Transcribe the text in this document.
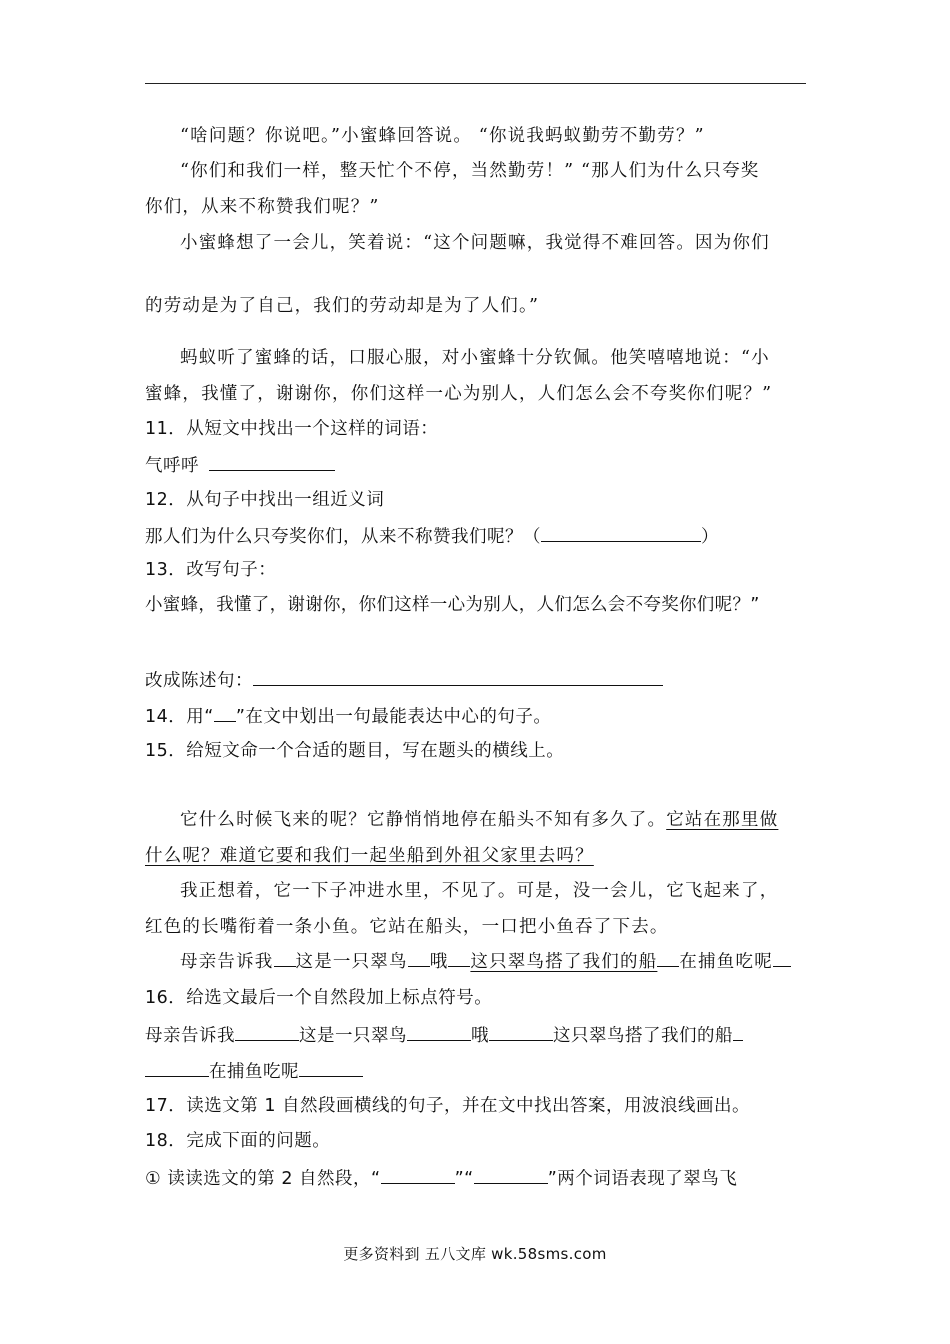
“啥问题？你说吧。”小蜜蜂回答说。 “你说我蚂蚁勤劳不勤劳？”
“你们和我们一样，整天忙个不停，当然勤劳！” “那人们为什么只夸奖
你们，从来不称赞我们呢？”
小蜜蜂想了一会儿，笑着说：“这个问题嘛，我觉得不难回答。因为你们
的劳动是为了自己，我们的劳动却是为了人们。”
蚂蚁听了蜜蜂的话，口服心服，对小蜜蜂十分钦佩。他笑嘻嘻地说：“小
蜜蜂，我懂了，谢谢你，你们这样一心为别人，人们怎么会不夸奖你们呢？”
11．从短文中找出一个这样的词语：
气呼呼
12．从句子中找出一组近义词
那人们为什么只夸奖你们，从来不称赞我们呢？（	）
13．改写句子：
小蜜蜂，我懂了，谢谢你，你们这样一心为别人，人们怎么会不夸奖你们呢？”
改成陈述句：
14．用“ ”在文中划出一句最能表达中心的句子。
15．给短文命一个合适的题目，写在题头的横线上。
它什么时候飞来的呢？它静悄悄地停在船头不知有多久了。它站在那里做
什么呢？难道它要和我们一起坐船到外祖父家里去吗？
我正想着，它一下子冲进水里，不见了。可是，没一会儿，它飞起来了，
红色的长嘴衔着一条小鱼。它站在船头，一口把小鱼吞了下去。
母亲告诉我 这是一只翠鸟 哦 这只翠鸟搭了我们的船 在捕鱼吃呢
16．给选文最后一个自然段加上标点符号。
母亲告诉我	这是一只翠鸟	哦	这只翠鸟搭了我们的船
在捕鱼吃呢
17．读选文第 1 自然段画横线的句子，并在文中找出答案，用波浪线画出。
18．完成下面的问题。
① 读读选文的第 2 自然段，“	”“	”两个词语表现了翠鸟飞
更多资料到 五八文库 wk.58sms.com
